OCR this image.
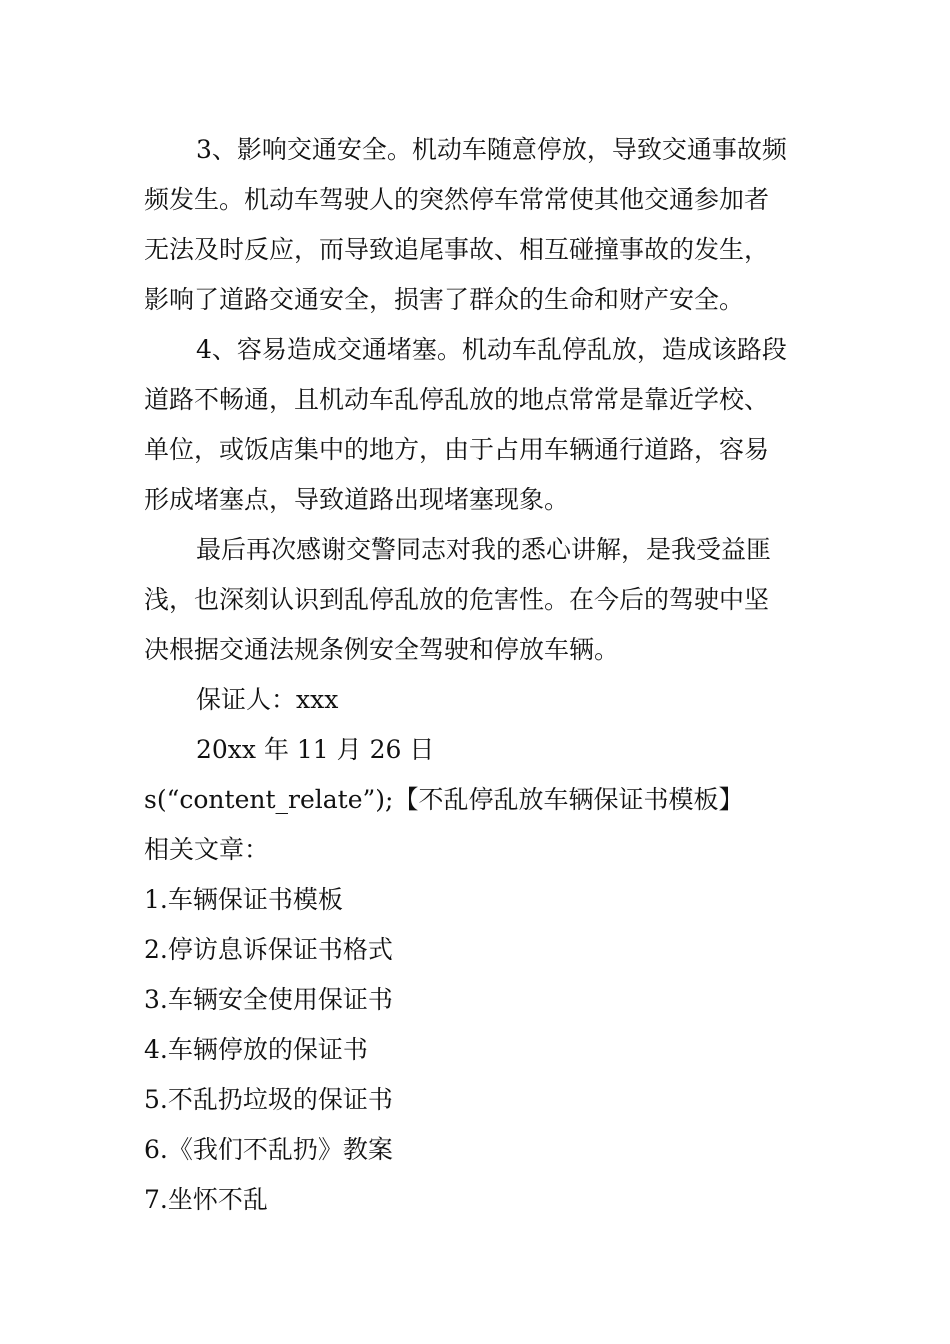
3、影响交通安全。机动车随意停放，导致交通事故频
频发生。机动车驾驶人的突然停车常常使其他交通参加者
无法及时反应，而导致追尾事故、相互碰撞事故的发生，
影响了道路交通安全，损害了群众的生命和财产安全。
4、容易造成交通堵塞。机动车乱停乱放，造成该路段
道路不畅通，且机动车乱停乱放的地点常常是靠近学校、
单位，或饭店集中的地方，由于占用车辆通行道路，容易
形成堵塞点，导致道路出现堵塞现象。
最后再次感谢交警同志对我的悉心讲解，是我受益匪
浅，也深刻认识到乱停乱放的危害性。在今后的驾驶中坚
决根据交通法规条例安全驾驶和停放车辆。
保证人：xxx
20xx 年 11 月 26 日
s(“content_relate”);【不乱停乱放车辆保证书模板】
相关文章：
1.车辆保证书模板
2.停访息诉保证书格式
3.车辆安全使用保证书
4.车辆停放的保证书
5.不乱扔垃圾的保证书
6.《我们不乱扔》教案
7.坐怀不乱
